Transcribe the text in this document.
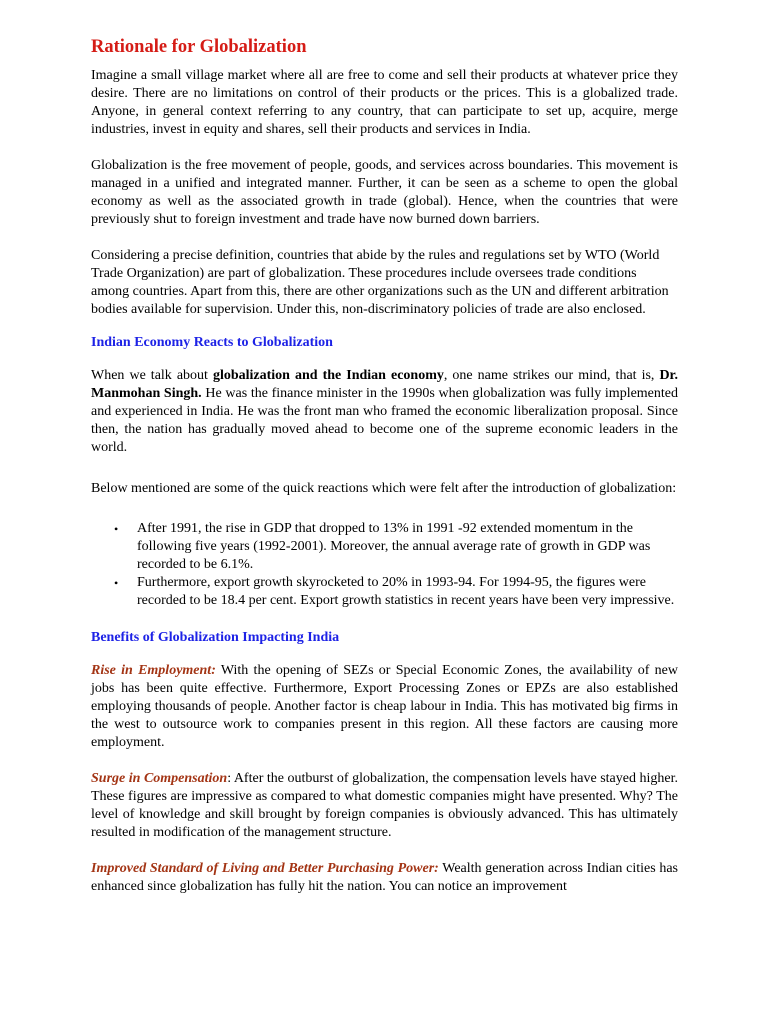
Rationale for Globalization

Imagine a small village market where all are free to come and sell their products at whatever price they desire. There are no limitations on control of their products or the prices. This is a globalized trade. Anyone, in general context referring to any country, that can participate to set up, acquire, merge industries, invest in equity and shares, sell their products and services in India.

Globalization is the free movement of people, goods, and services across boundaries. This movement is managed in a unified and integrated manner. Further, it can be seen as a scheme to open the global economy as well as the associated growth in trade (global). Hence, when the countries that were previously shut to foreign investment and trade have now burned down barriers.

Considering a precise definition, countries that abide by the rules and regulations set by WTO (World Trade Organization) are part of globalization. These procedures include oversees trade conditions among countries. Apart from this, there are other organizations such as the UN and different arbitration bodies available for supervision. Under this, non-discriminatory policies of trade are also enclosed.

Indian Economy Reacts to Globalization

When we talk about globalization and the Indian economy, one name strikes our mind, that is, Dr. Manmohan Singh. He was the finance minister in the 1990s when globalization was fully implemented and experienced in India. He was the front man who framed the economic liberalization proposal. Since then, the nation has gradually moved ahead to become one of the supreme economic leaders in the world.

Below mentioned are some of the quick reactions which were felt after the introduction of globalization:

• After 1991, the rise in GDP that dropped to 13% in 1991 -92 extended momentum in the following five years (1992-2001). Moreover, the annual average rate of growth in GDP was recorded to be 6.1%.
• Furthermore, export growth skyrocketed to 20% in 1993-94. For 1994-95, the figures were recorded to be 18.4 per cent. Export growth statistics in recent years have been very impressive.
Benefits of Globalization Impacting India

Rise in Employment: With the opening of SEZs or Special Economic Zones, the availability of new jobs has been quite effective. Furthermore, Export Processing Zones or EPZs are also established employing thousands of people. Another factor is cheap labour in India. This has motivated big firms in the west to outsource work to companies present in this region. All these factors are causing more employment.

Surge in Compensation: After the outburst of globalization, the compensation levels have stayed higher. These figures are impressive as compared to what domestic companies might have presented. Why? The level of knowledge and skill brought by foreign companies is obviously advanced. This has ultimately resulted in modification of the management structure.

Improved Standard of Living and Better Purchasing Power: Wealth generation across Indian cities has enhanced since globalization has fully hit the nation. You can notice an improvement
